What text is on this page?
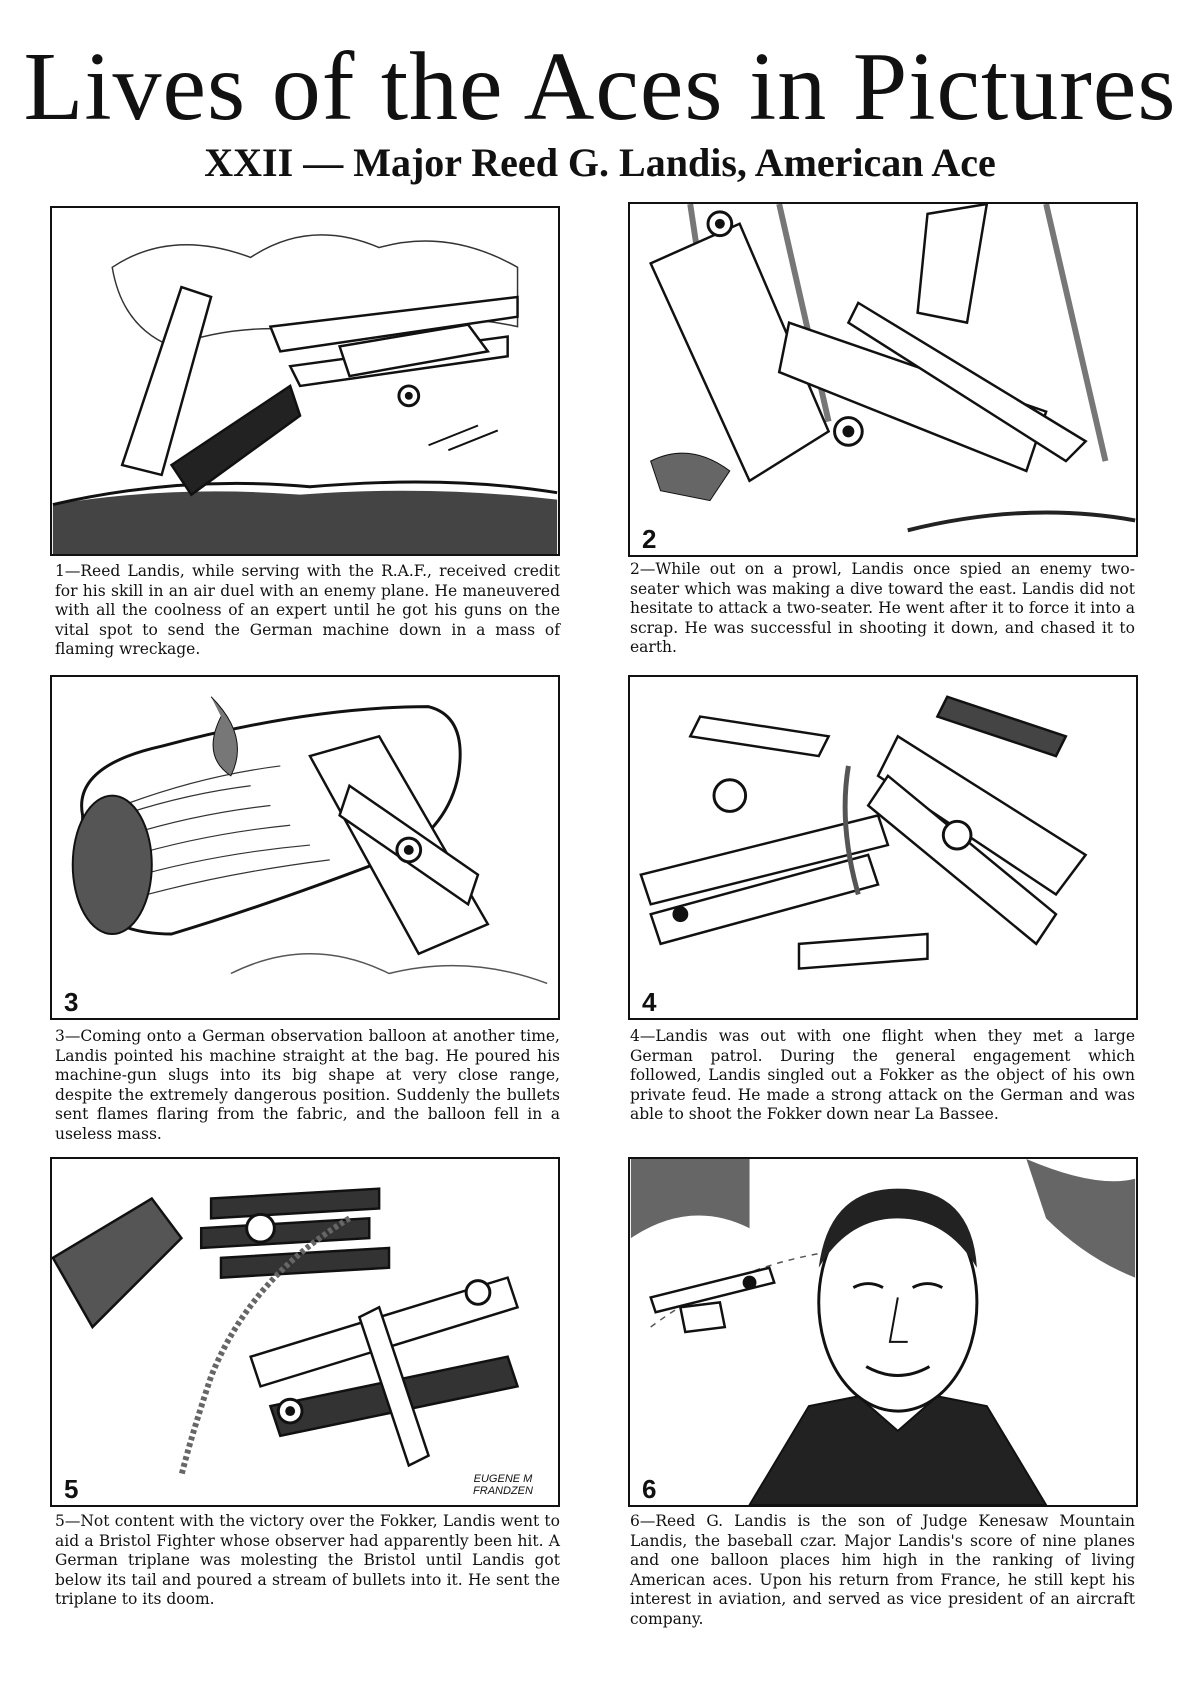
Lives of the Aces in Pictures
XXII — Major Reed G. Landis, American Ace
2
3	4
5	EUGENE M FRANDZEN	6

1—Reed Landis, while serving with the R.A.F., received credit for his skill in an air duel with an enemy plane. He maneuvered with all the coolness of an expert until he got his guns on the vital spot to send the German machine down in a mass of flaming wreckage.

2—While out on a prowl, Landis once spied an enemy two-seater which was making a dive toward the east. Landis did not hesitate to attack a two-seater. He went after it to force it into a scrap. He was successful in shooting it down, and chased it to earth.

3—Coming onto a German observation balloon at another time, Landis pointed his machine straight at the bag. He poured his machine-gun slugs into its big shape at very close range, despite the extremely dangerous position. Suddenly the bullets sent flames flaring from the fabric, and the balloon fell in a useless mass.

4—Landis was out with one flight when they met a large German patrol. During the general engagement which followed, Landis singled out a Fokker as the object of his own private feud. He made a strong attack on the German and was able to shoot the Fokker down near La Bassee.

5—Not content with the victory over the Fokker, Landis went to aid a Bristol Fighter whose observer had apparently been hit. A German triplane was molesting the Bristol until Landis got below its tail and poured a stream of bullets into it. He sent the triplane to its doom.

6—Reed G. Landis is the son of Judge Kenesaw Mountain Landis, the baseball czar. Major Landis's score of nine planes and one balloon places him high in the ranking of living American aces. Upon his return from France, he still kept his interest in aviation, and served as vice president of an aircraft company.
